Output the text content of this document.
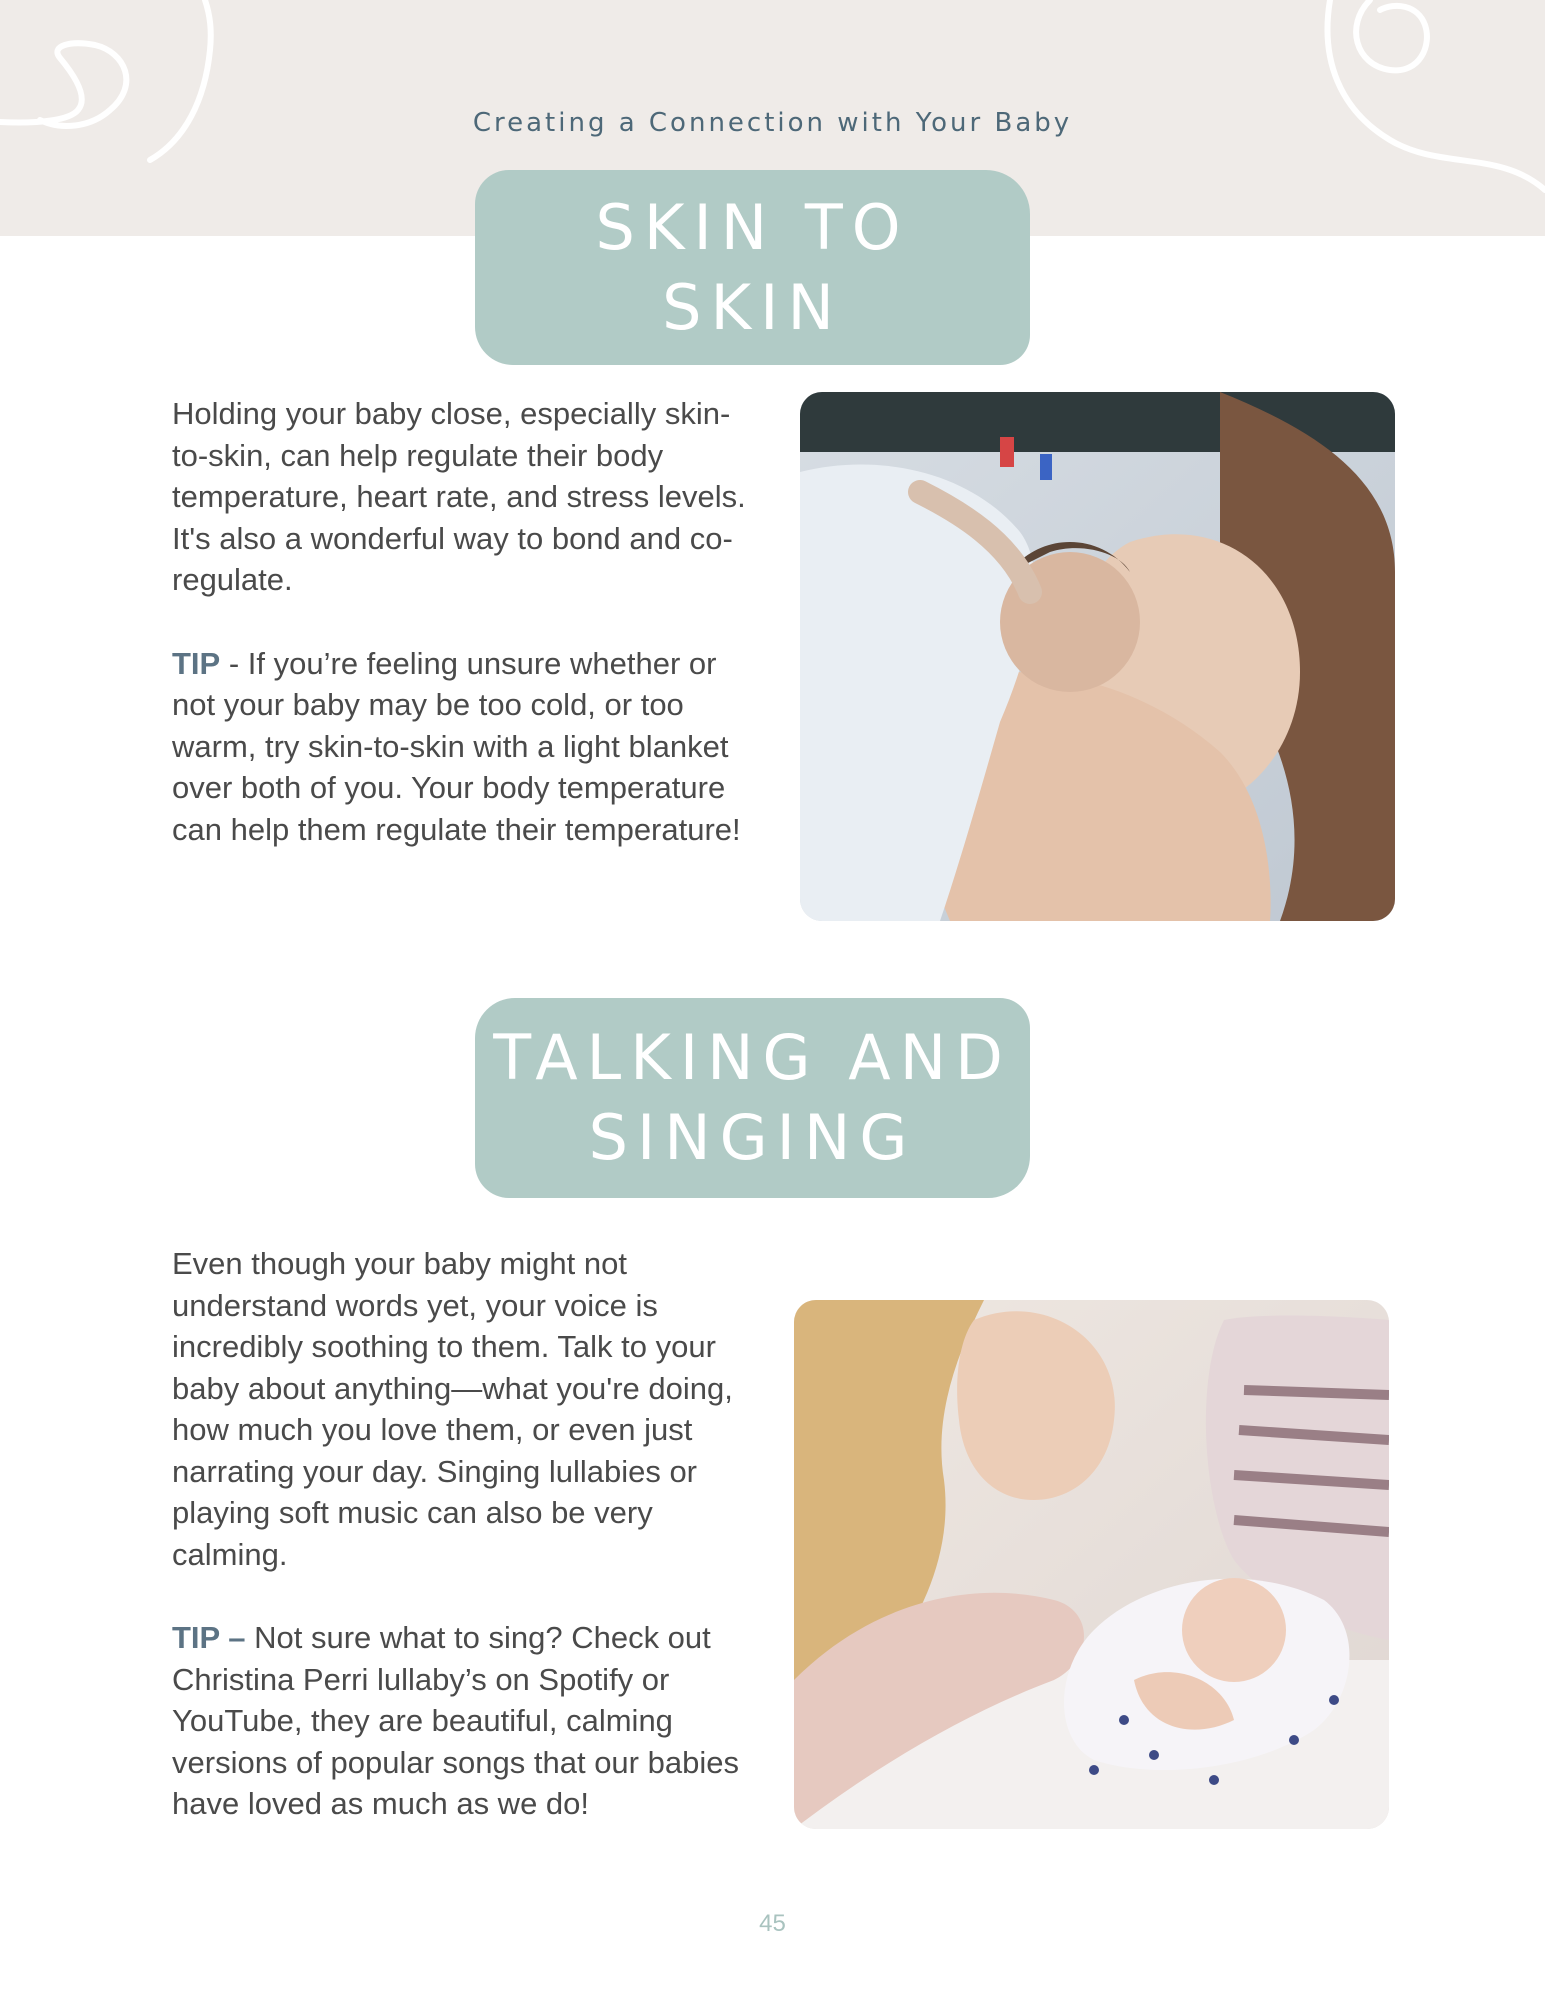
Creating a Connection with Your Baby
SKIN TO
SKIN

Holding your baby close, especially skin-to-skin, can help regulate their body temperature, heart rate, and stress levels. It's also a wonderful way to bond and co-regulate.

TIP - If you’re feeling unsure whether or not your baby may be too cold, or too warm, try skin-to-skin with a light blanket over both of you. Your body temperature can help them regulate their temperature!

TALKING AND
SINGING

Even though your baby might not understand words yet, your voice is incredibly soothing to them. Talk to your baby about anything—what you're doing, how much you love them, or even just narrating your day. Singing lullabies or playing soft music can also be very calming.

TIP – Not sure what to sing? Check out Christina Perri lullaby’s on Spotify or YouTube, they are beautiful, calming versions of popular songs that our babies have loved as much as we do!

45
